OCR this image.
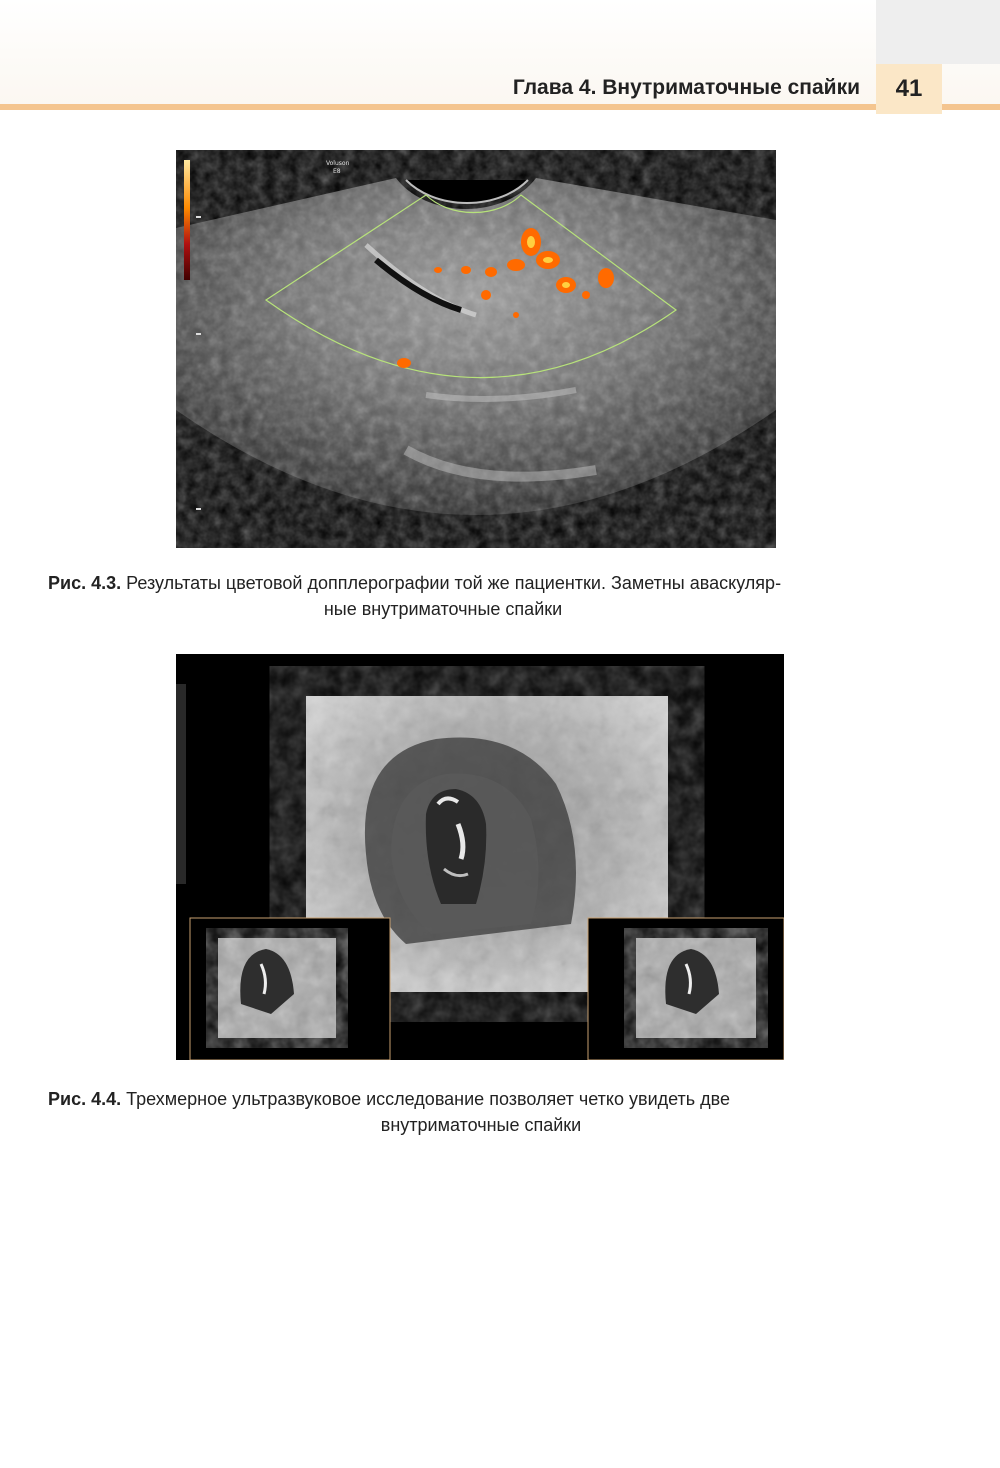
Глава 4. Внутриматочные спайки	41
Voluson
E8
Рис. 4.3. Результаты цветовой допплерографии той же пациентки. Заметны аваскуляр-
ные внутриматочные спайки
Рис. 4.4. Трехмерное ультразвуковое исследование позволяет четко увидеть две
внутриматочные спайки
